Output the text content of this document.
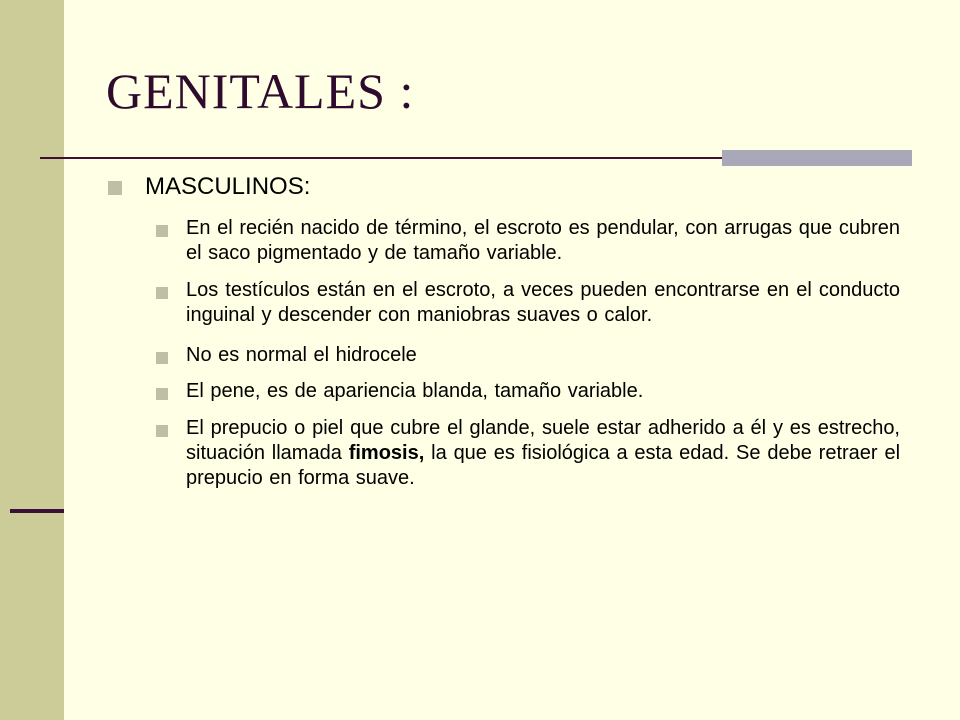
GENITALES :
MASCULINOS:
En el recién nacido de término, el escroto es pendular, con arrugas que cubren el saco pigmentado y de tamaño variable.
Los testículos están en el escroto, a veces pueden encontrarse en el conducto inguinal y descender con maniobras suaves o calor.
No es normal el hidrocele
El pene, es de apariencia blanda, tamaño variable.
El prepucio o piel que cubre el glande, suele estar adherido a él y es estrecho, situación llamada fimosis, la que es fisiológica a esta edad. Se debe retraer el prepucio en forma suave.
